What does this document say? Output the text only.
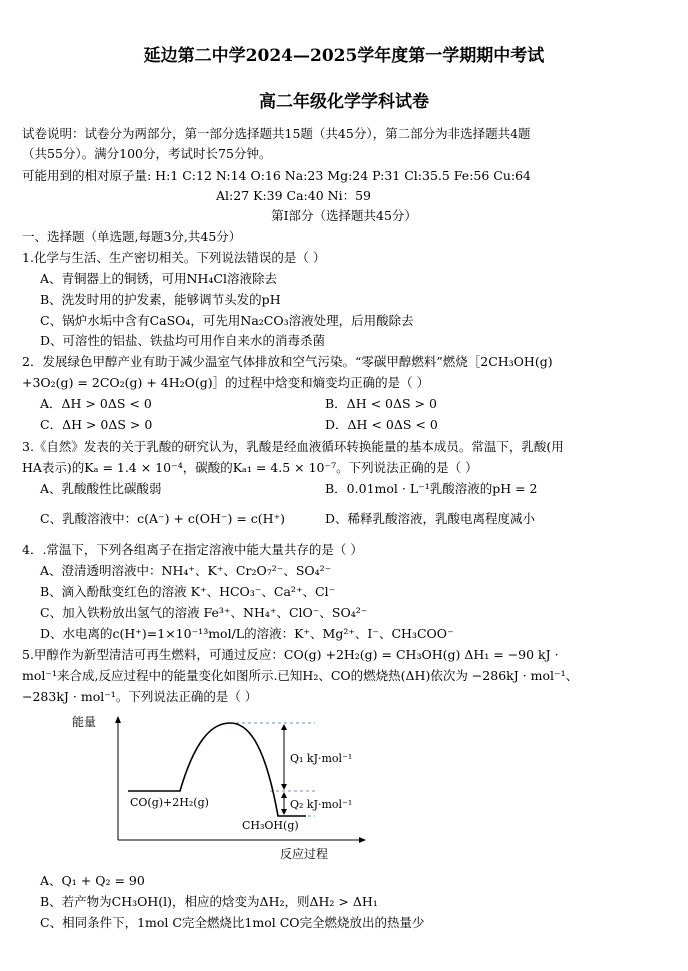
延边第二中学2024—2025学年度第一学期期中考试
高二年级化学学科试卷
试卷说明：试卷分为两部分，第一部分选择题共15题（共45分），第二部分为非选择题共4题
（共55分）。满分100分，考试时长75分钟。
可能用到的相对原子量: H:1 C:12 N:14 O:16 Na:23 Mg:24 P:31 Cl:35.5 Fe:56 Cu:64
Al:27 K:39 Ca:40 Ni：59
第Ⅰ部分（选择题共45分）
一、选择题（单选题,每题3分,共45分）
1.化学与生活、生产密切相关。下列说法错误的是（ ）
A、青铜器上的铜锈，可用NH₄Cl溶液除去
B、洗发时用的护发素，能够调节头发的pH
C、锅炉水垢中含有CaSO₄，可先用Na₂CO₃溶液处理，后用酸除去
D、可溶性的铝盐、铁盐均可用作自来水的消毒杀菌
2．发展绿色甲醇产业有助于减少温室气体排放和空气污染。“零碳甲醇燃料”燃烧［2CH₃OH(g)
+3O₂(g) = 2CO₂(g) + 4H₂O(g)］的过程中焓变和熵变均正确的是（ ）
A．ΔH > 0ΔS < 0	B．ΔH < 0ΔS > 0
C．ΔH > 0ΔS > 0	D．ΔH < 0ΔS < 0
3.《自然》发表的关于乳酸的研究认为，乳酸是经血液循环转换能量的基本成员。常温下，乳酸(用
HA表示)的Kₐ = 1.4 × 10⁻⁴，碳酸的Kₐ₁ = 4.5 × 10⁻⁷。下列说法正确的是（ ）
A、乳酸酸性比碳酸弱	B．0.01mol · L⁻¹乳酸溶液的pH = 2
C、乳酸溶液中：c(A⁻) + c(OH⁻) = c(H⁺)	D、稀释乳酸溶液，乳酸电离程度减小
4．.常温下，下列各组离子在指定溶液中能大量共存的是（ ）
A、澄清透明溶液中：NH₄⁺、K⁺、Cr₂O₇²⁻、SO₄²⁻
B、滴入酚酞变红色的溶液 K⁺、HCO₃⁻、Ca²⁺、Cl⁻
C、加入铁粉放出氢气的溶液 Fe³⁺、NH₄⁺、ClO⁻、SO₄²⁻
D、水电离的c(H⁺)=1×10⁻¹³mol/L的溶液：K⁺、Mg²⁺、I⁻、CH₃COO⁻
5.甲醇作为新型清洁可再生燃料，可通过反应：CO(g) +2H₂(g) = CH₃OH(g) ΔH₁ = −90 kJ ·
mol⁻¹来合成,反应过程中的能量变化如图所示.已知H₂、CO的燃烧热(ΔH)依次为 −286kJ · mol⁻¹、
−283kJ · mol⁻¹。下列说法正确的是（ ）
能量
反应过程
Q₁ kJ·mol⁻¹
Q₂ kJ·mol⁻¹
CO(g)+2H₂(g)
CH₃OH(g)
A、Q₁ + Q₂ = 90
B、若产物为CH₃OH(l)，相应的焓变为ΔH₂，则ΔH₂ > ΔH₁
C、相同条件下，1mol C完全燃烧比1mol CO完全燃烧放出的热量少
